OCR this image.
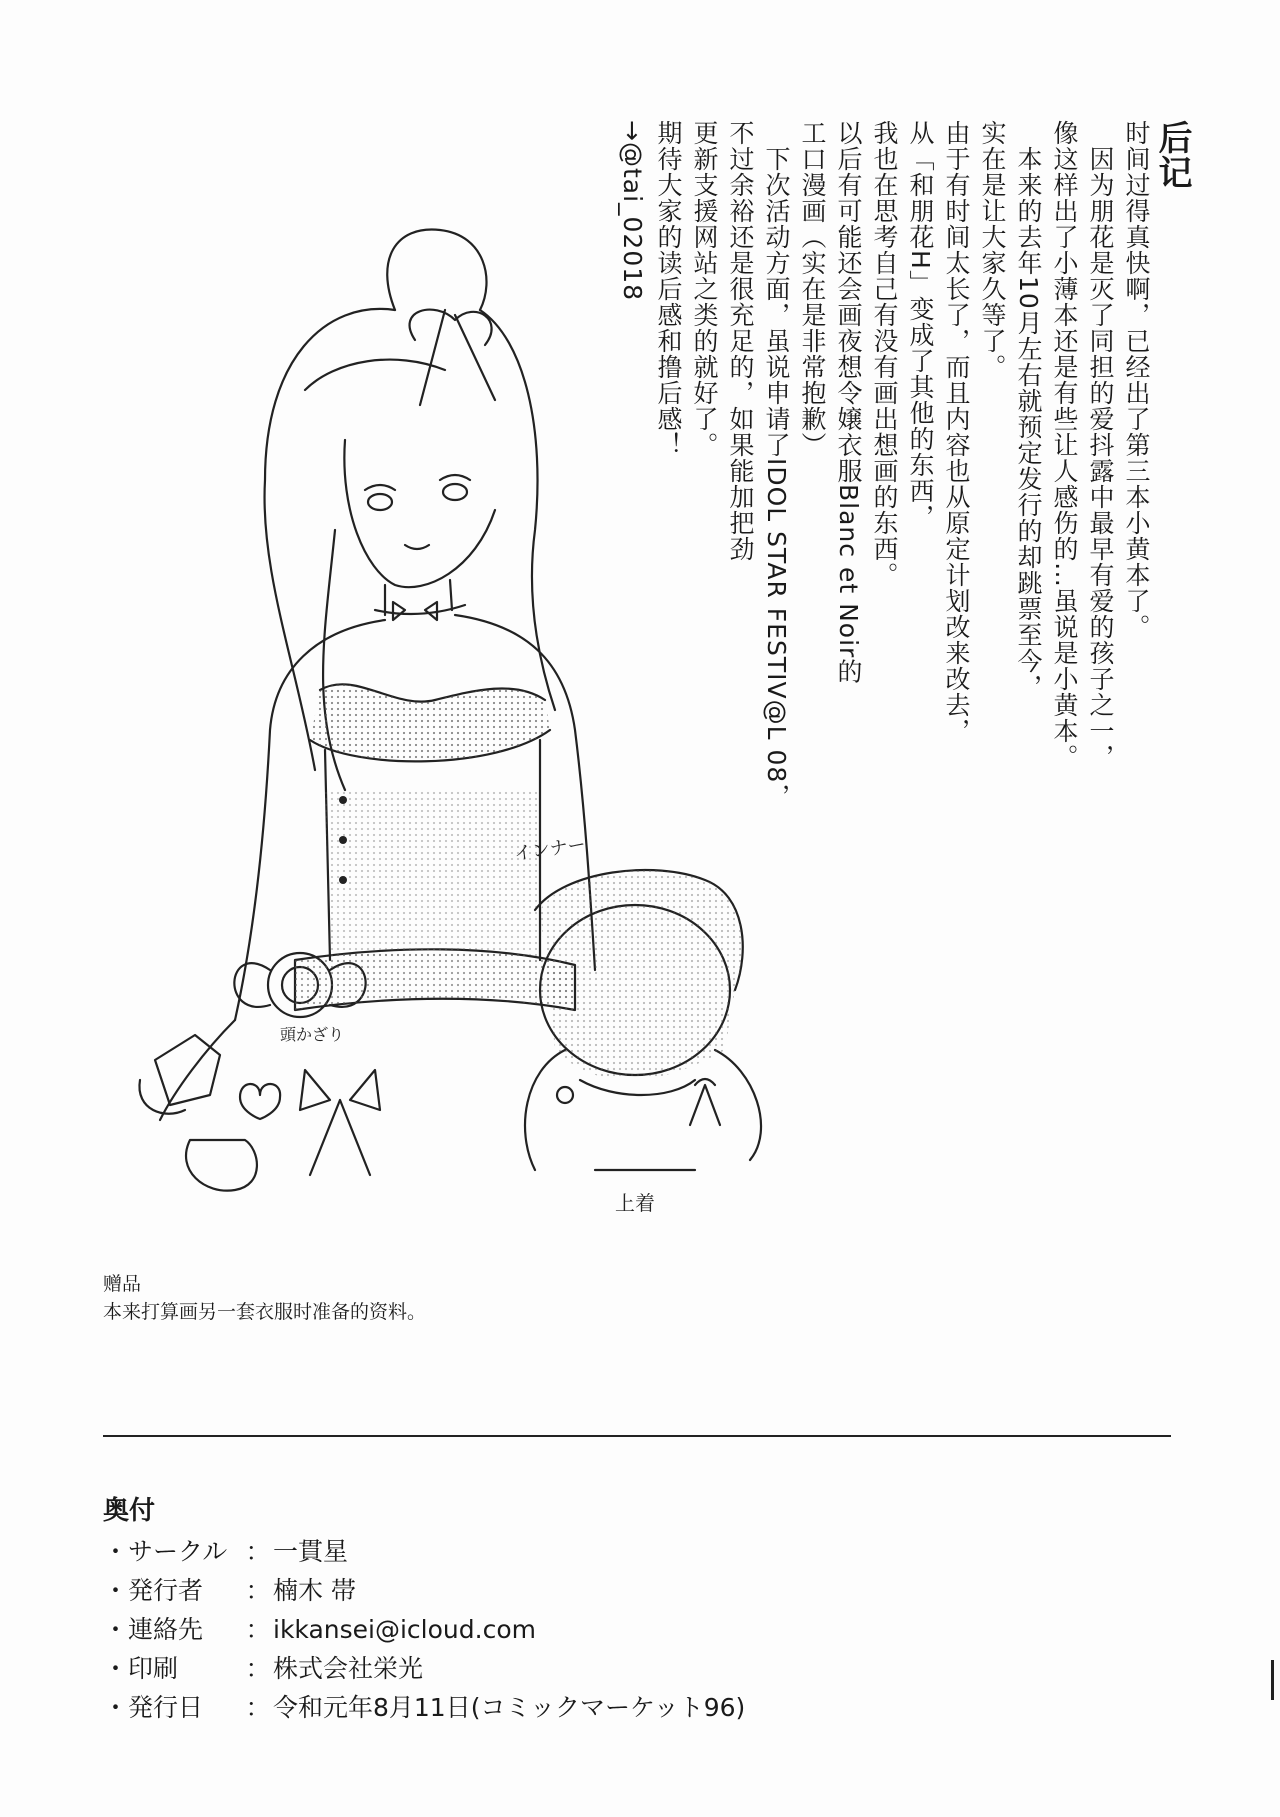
后记
时间过得真快啊，已经出了第三本小黄本了。
因为朋花是灭了同担的爱抖露中最早有爱的孩子之一，
像这样出了小薄本还是有些让人感伤的…虽说是小黄本。
本来的去年10月左右就预定发行的却跳票至今，
实在是让大家久等了。
由于有时间太长了，而且内容也从原定计划改来改去，
从「和朋花H」变成了其他的东西，
我也在思考自己有没有画出想画的东西。
以后有可能还会画夜想令嬢衣服Blanc et Noir的
工口漫画（实在是非常抱歉）
下次活动方面，虽说申请了IDOL STAR FESTIV@L 08，
不过余裕还是很充足的，如果能加把劲
更新支援网站之类的就好了。
期待大家的读后感和撸后感！
→@tai_02018
インナー
頭かざり
上着
赠品
本来打算画另一套衣服时准备的资料。
奥付
・サークル ： 一貫星
・発行者	： 楠木 帯
・連絡先	： ikkansei@icloud.com
・印刷	： 株式会社栄光
・発行日	： 令和元年8月11日(コミックマーケット96)
